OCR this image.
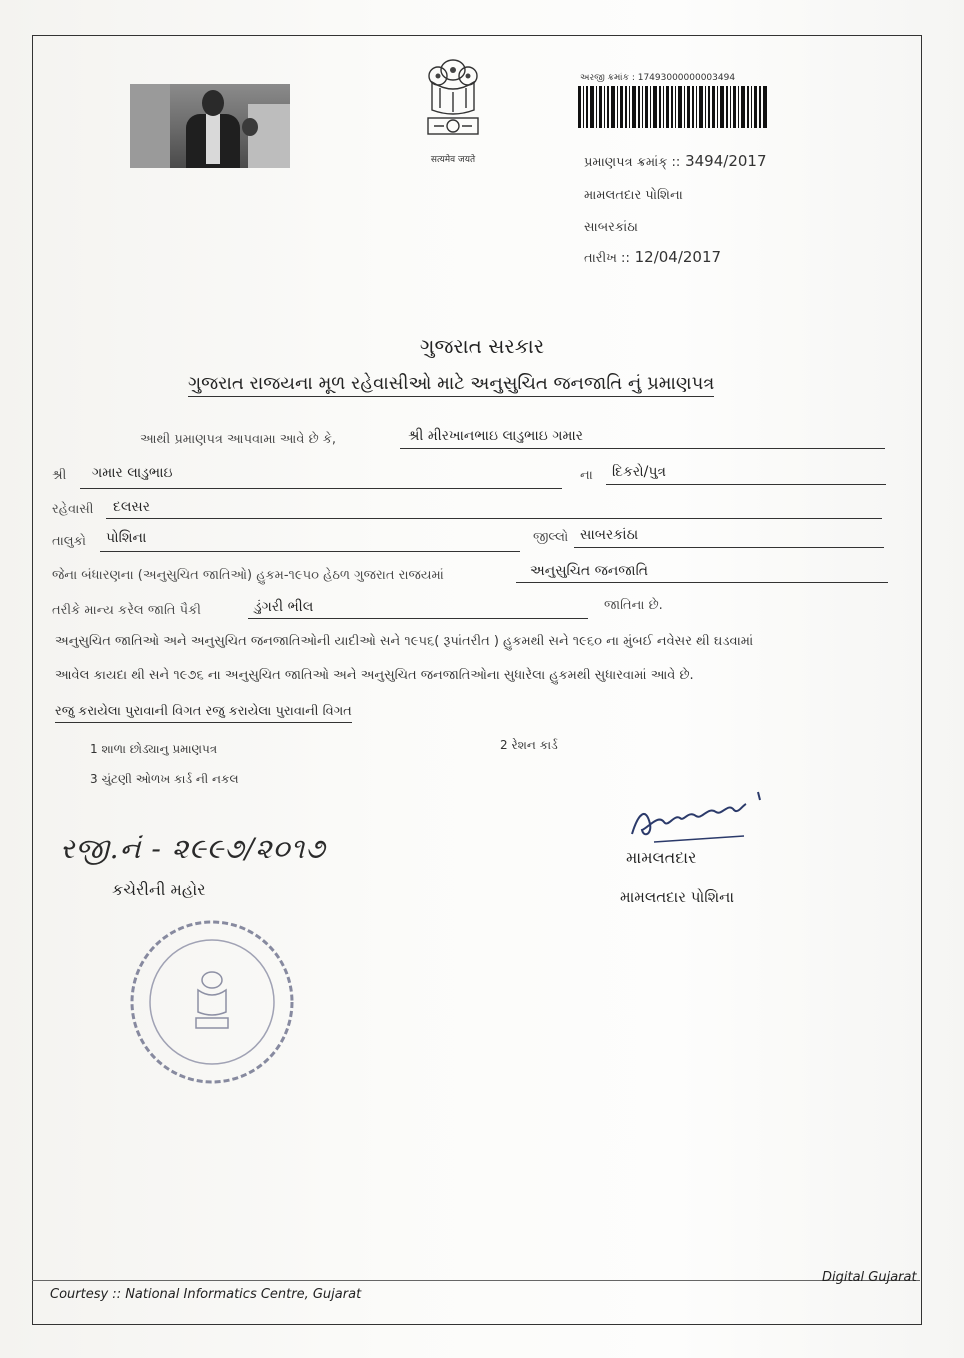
सत्यमेव जयते
અરજી ક્રમાંક : 17493000000003494
પ્રમાણપત્ર ક્રમાંક્ :: 3494/2017
મામલતદાર પોશિના
સાબરકાંઠા
તારીખ :: 12/04/2017
ગુજરાત સરકાર
ગુજરાત રાજયના મૂળ રહેવાસીઓ માટે અનુસુચિત જનજાતિ નું પ્રમાણપત્ર
આથી પ્રમાણપત્ર આપવામા આવે છે કે,	શ્રી મીરખાનભાઇ લાડુભાઇ ગમાર
શ્રી ગમાર લાડુભાઇ	ના દિકરો/પુત્ર
રહેવાસી દલસર
તાલુકો પોશિના	જીલ્લો સાબરકાંઠા
જેના બંધારણના (અનુસુચિત જાતિઓ) હુકમ-૧૯૫૦ હેઠળ ગુજરાત રાજયમાં	અનુસુચિત જનજાતિ
તરીકે માન્ય કરેલ જાતિ પૈકી	ડુંગરી ભીલ	જાતિના છે.
અનુસુચિત જાતિઓ અને અનુસુચિત જનજાતિઓની યાદીઓ સને ૧૯૫૬( રૂપાંતરીત ) હુકમથી સને ૧૯૬૦ ના મુંબઈ નવેસર થી ઘડવામાં
આવેલ કાયદા થી સને ૧૯૭૬ ના અનુસુચિત જાતિઓ અને અનુસુચિત જનજાતિઓના સુધારેલા હુકમથી સુધારવામાં આવે છે.
રજુ કરાયેલા પુરાવાની વિગત રજુ કરાયેલા પુરાવાની વિગત
1 શાળા છોડ્યાનુ પ્રમાણપત્ર	2 રેશન કાર્ડ
3 ચુંટણી ઓળખ કાર્ડ ની નકલ
રજી.નં - ૨૯૯૭/૨૦૧૭
કચેરીની મહોર
મામલતદાર
મામલતદાર પોશિના
Courtesy :: National Informatics Centre, Gujarat
Digital Gujarat
